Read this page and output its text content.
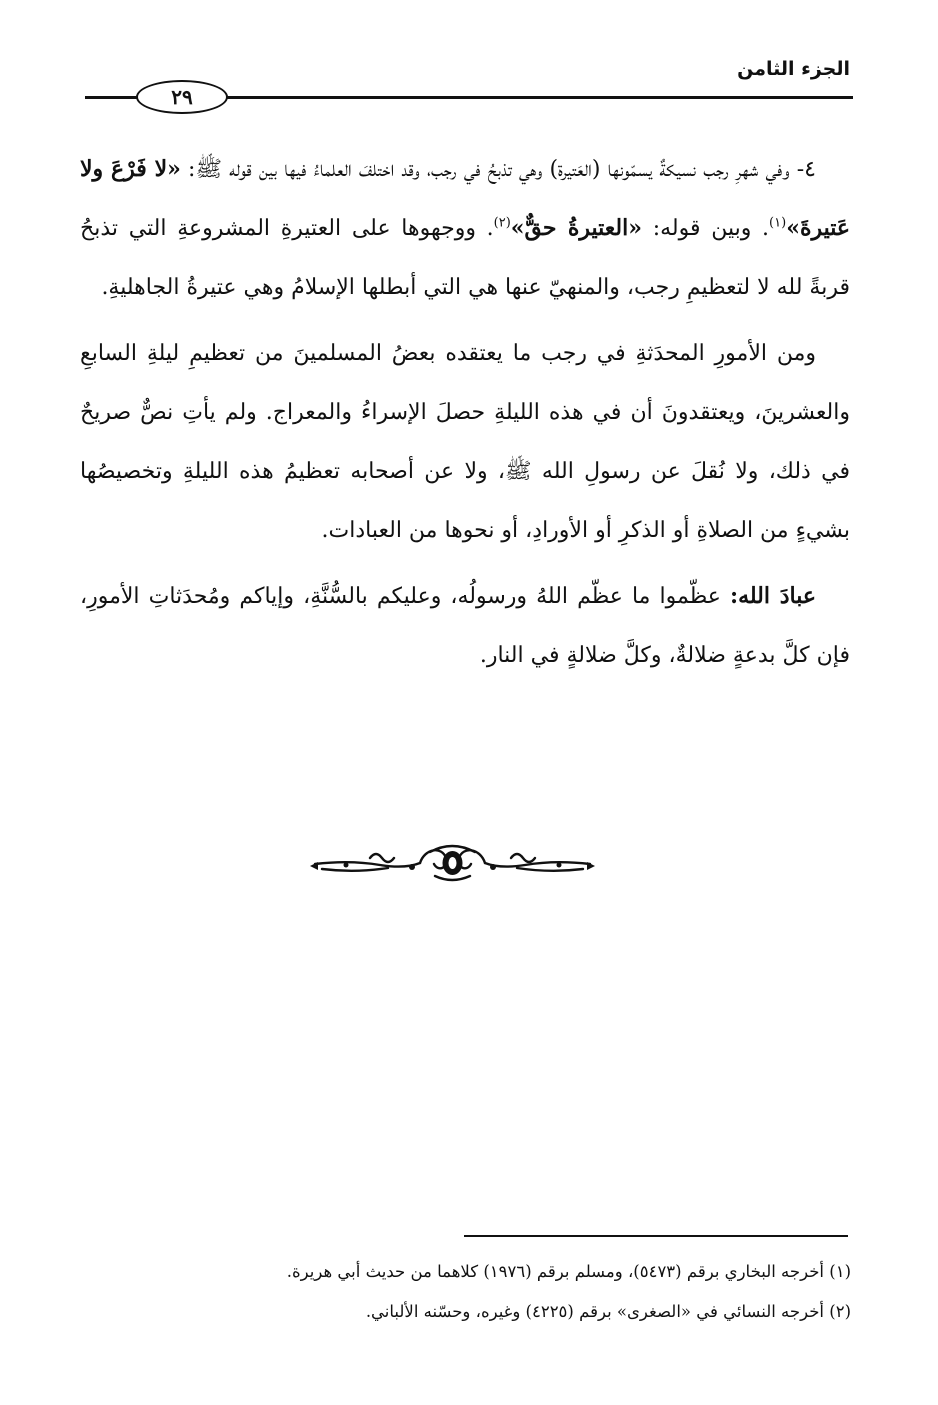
الجزء الثامن
٢٩

٤- وفي شهرِ رجب نسيكةٌ يسمّونها (العَتيرة) وهي تذبحُ في رجب، وقد اختلفَ العلماءُ فيها بين قوله ﷺ: «لا فَرْعَ ولا عَتيرةَ»$^{(١)}$. وبين قوله: «العتيرةُ حقٌّ»$^{(٢)}$. ووجهوها على العتيرةِ المشروعةِ التي تذبحُ قربةً لله لا لتعظيمِ رجب، والمنهيّ عنها هي التي أبطلها الإسلامُ وهي عتيرةُ الجاهليةِ.

ومن الأمورِ المحدَثةِ في رجب ما يعتقده بعضُ المسلمينَ من تعظيمِ ليلةِ السابعِ والعشرينَ، ويعتقدونَ أن في هذه الليلةِ حصلَ الإسراءُ والمعراج. ولم يأتِ نصٌّ صريحٌ في ذلك، ولا نُقلَ عن رسولِ الله ﷺ، ولا عن أصحابه تعظيمُ هذه الليلةِ وتخصيصُها بشيءٍ من الصلاةِ أو الذكرِ أو الأورادِ، أو نحوها من العبادات.

عبادَ الله: عظّموا ما عظّم اللهُ ورسولُه، وعليكم بالسُّنَّةِ، وإياكم ومُحدَثاتِ الأمورِ، فإن كلَّ بدعةٍ ضلالةٌ، وكلَّ ضلالةٍ في النار.

(١) أخرجه البخاري برقم (٥٤٧٣)، ومسلم برقم (١٩٧٦) كلاهما من حديث أبي هريرة.
(٢) أخرجه النسائي في «الصغرى» برقم (٤٢٢٥) وغيره، وحسّنه الألباني.
